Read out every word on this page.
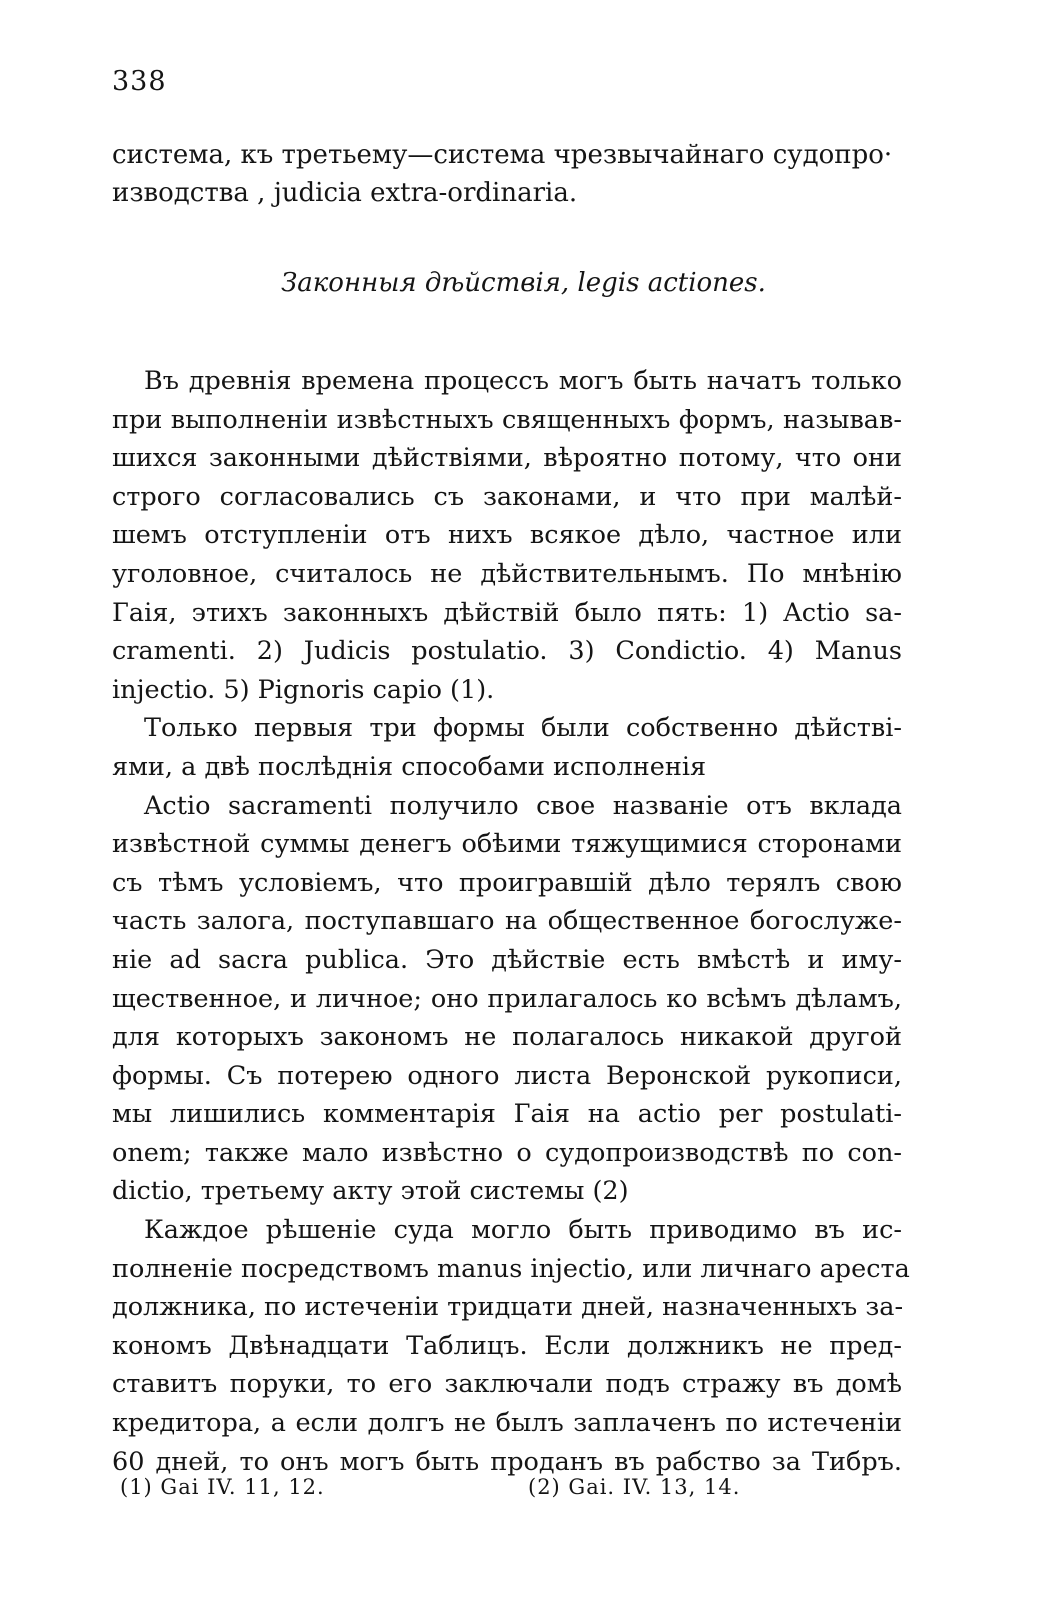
338
система, къ третьему—система чрезвычайнаго судопро·
изводства , judicia extra-ordinaria.
Законныя дѣйствія, legis actiones.
Въ древнія времена процессъ могъ быть начатъ только
при выполненіи извѣстныхъ священныхъ формъ, называв-
шихся законными дѣйствіями, вѣроятно потому, что они
строго согласовались съ законами, и что при малѣй-
шемъ отступленіи отъ нихъ всякое дѣло, частное или
уголовное, считалось не дѣйствительнымъ. По мнѣнію
Гаія, этихъ законныхъ дѣйствій было пять: 1) Actio sa-
cramenti. 2) Judicis postulatio. 3) Condictio. 4) Manus
injectio. 5) Pignoris capio (1).
Только первыя три формы были собственно дѣйстві-
ями, а двѣ послѣднія способами исполненія
Actio sacramenti получило свое названіе отъ вклада
извѣстной суммы денегъ обѣими тяжущимися сторонами
съ тѣмъ условіемъ, что проигравшій дѣло терялъ свою
часть залога, поступавшаго на общественное богослуже-
ніе ad sacra publica. Это дѣйствіе есть вмѣстѣ и иму-
щественное, и личное; оно прилагалось ко всѣмъ дѣламъ,
для которыхъ закономъ не полагалось никакой другой
формы. Съ потерею одного листа Веронской рукописи,
мы лишились комментарія Гаія на actio per postulati-
onem; также мало извѣстно о судопроизводствѣ по con-
dictio, третьему акту этой системы (2)
Каждое рѣшеніе суда могло быть приводимо въ ис-
полненіе посредствомъ manus injectio, или личнаго ареста
должника, по истеченіи тридцати дней, назначенныхъ за-
кономъ Двѣнадцати Таблицъ. Если должникъ не пред-
ставитъ поруки, то его заключали подъ стражу въ домѣ
кредитора, а если долгъ не былъ заплаченъ по истеченіи
60 дней, то онъ могъ быть проданъ въ рабство за Тибръ.
(1) Gai IV. 11, 12.	(2) Gai. IV. 13, 14.
